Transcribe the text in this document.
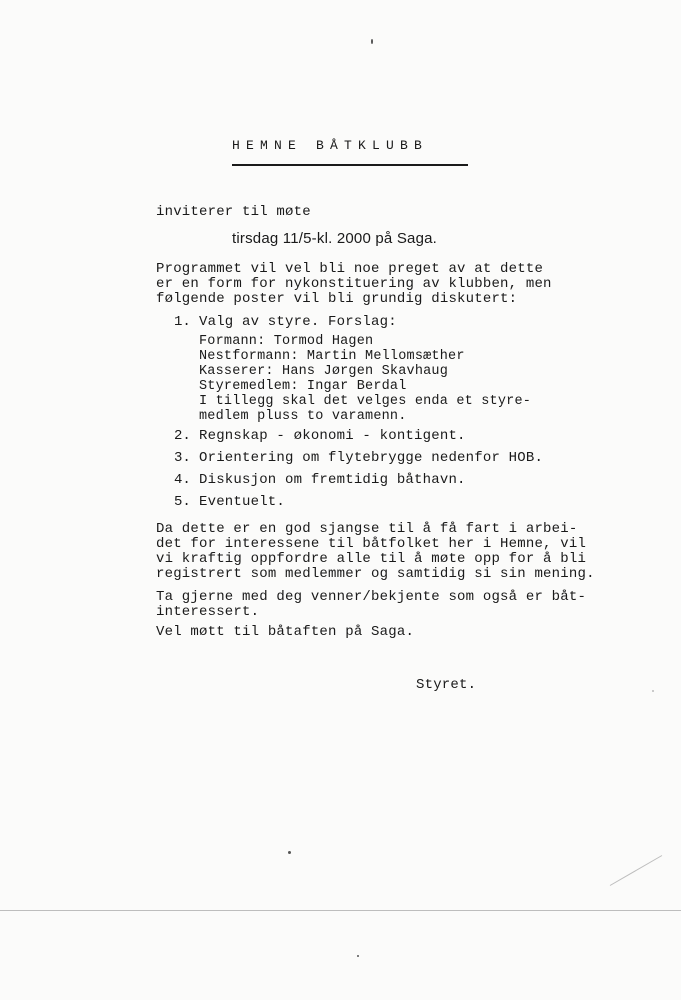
HEMNE BÅTKLUBB
inviterer til møte
tirsdag 11/5-kl. 2000 på Saga.
Programmet vil vel bli noe preget av at dette
er en form for nykonstituering av klubben, men
følgende poster vil bli grundig diskutert:
1. Valg av styre. Forslag:
Formann: Tormod Hagen
Nestformann: Martin Mellomsæther
Kasserer: Hans Jørgen Skavhaug
Styremedlem: Ingar Berdal
I tillegg skal det velges enda et styre-
medlem pluss to varamenn.
2. Regnskap - økonomi - kontigent.
3. Orientering om flytebrygge nedenfor HOB.
4. Diskusjon om fremtidig båthavn.
5. Eventuelt.
Da dette er en god sjangse til å få fart i arbei-
det for interessene til båtfolket her i Hemne, vil
vi kraftig oppfordre alle til å møte opp for å bli
registrert som medlemmer og samtidig si sin mening.
Ta gjerne med deg venner/bekjente som også er båt-
interessert.
Vel møtt til båtaften på Saga.
Styret.
